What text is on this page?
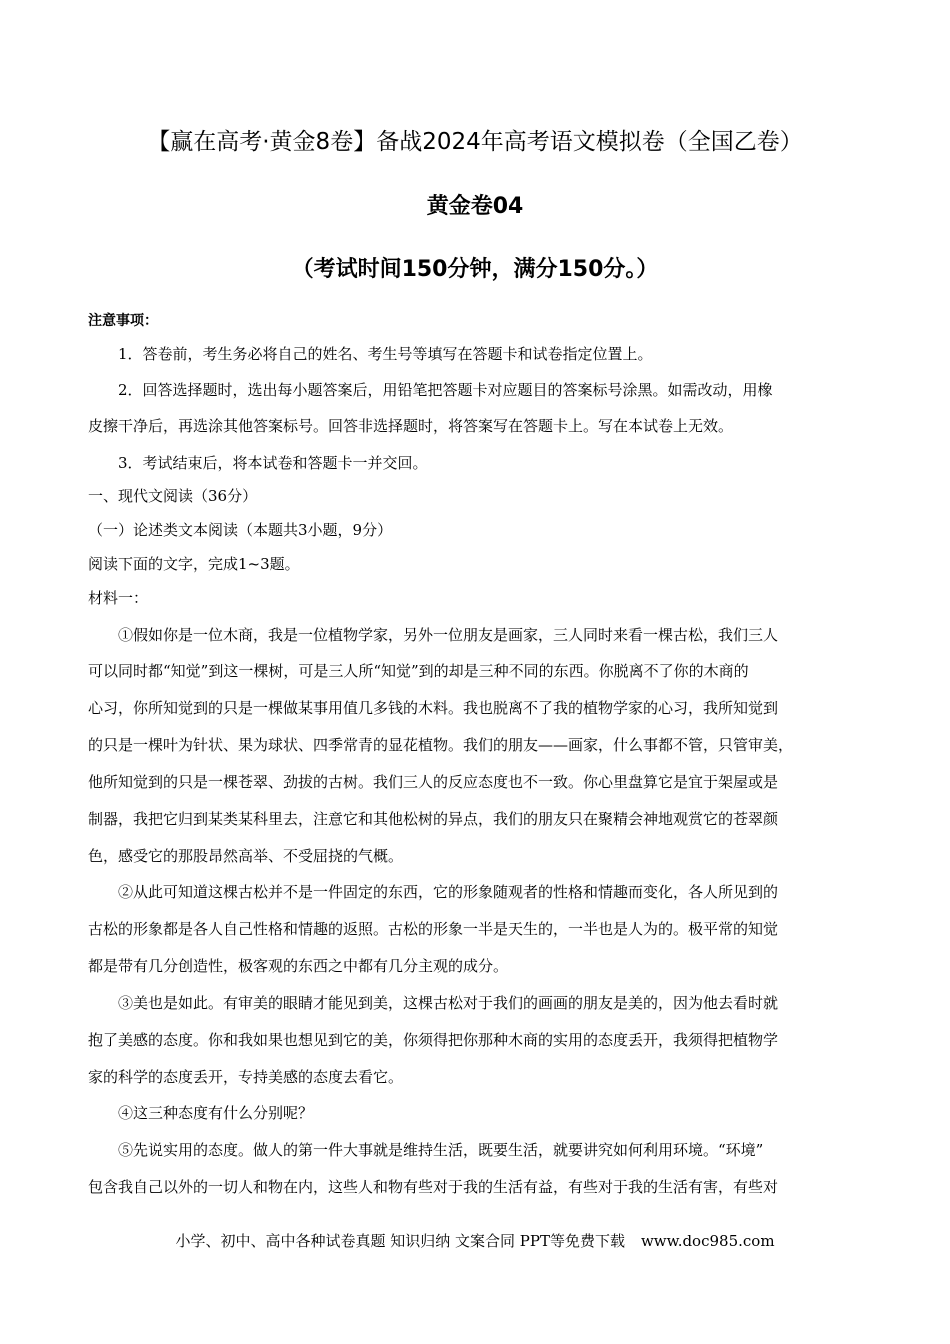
【赢在高考·黄金8卷】备战2024年高考语文模拟卷（全国乙卷）
黄金卷04
（考试时间150分钟，满分150分。）
注意事项：
1．答卷前，考生务必将自己的姓名、考生号等填写在答题卡和试卷指定位置上。
2．回答选择题时，选出每小题答案后，用铅笔把答题卡对应题目的答案标号涂黑。如需改动，用橡
皮擦干净后，再选涂其他答案标号。回答非选择题时，将答案写在答题卡上。写在本试卷上无效。
3．考试结束后，将本试卷和答题卡一并交回。
一、现代文阅读（36分）
（一）论述类文本阅读（本题共3小题，9分）
阅读下面的文字，完成1~3题。
材料一：
①假如你是一位木商，我是一位植物学家，另外一位朋友是画家，三人同时来看一棵古松，我们三人
可以同时都“知觉”到这一棵树，可是三人所“知觉”到的却是三种不同的东西。你脱离不了你的木商的
心习，你所知觉到的只是一棵做某事用值几多钱的木料。我也脱离不了我的植物学家的心习，我所知觉到
的只是一棵叶为针状、果为球状、四季常青的显花植物。我们的朋友——画家，什么事都不管，只管审美，
他所知觉到的只是一棵苍翠、劲拔的古树。我们三人的反应态度也不一致。你心里盘算它是宜于架屋或是
制器，我把它归到某类某科里去，注意它和其他松树的异点，我们的朋友只在聚精会神地观赏它的苍翠颜
色，感受它的那股昂然高举、不受屈挠的气概。
②从此可知道这棵古松并不是一件固定的东西，它的形象随观者的性格和情趣而变化，各人所见到的
古松的形象都是各人自己性格和情趣的返照。古松的形象一半是天生的，一半也是人为的。极平常的知觉
都是带有几分创造性，极客观的东西之中都有几分主观的成分。
③美也是如此。有审美的眼睛才能见到美，这棵古松对于我们的画画的朋友是美的，因为他去看时就
抱了美感的态度。你和我如果也想见到它的美，你须得把你那种木商的实用的态度丢开，我须得把植物学
家的科学的态度丢开，专持美感的态度去看它。
④这三种态度有什么分别呢？
⑤先说实用的态度。做人的第一件大事就是维持生活，既要生活，就要讲究如何利用环境。“环境”
包含我自己以外的一切人和物在内，这些人和物有些对于我的生活有益，有些对于我的生活有害，有些对
小学、初中、高中各种试卷真题 知识归纳 文案合同 PPT等免费下载 www.doc985.com
